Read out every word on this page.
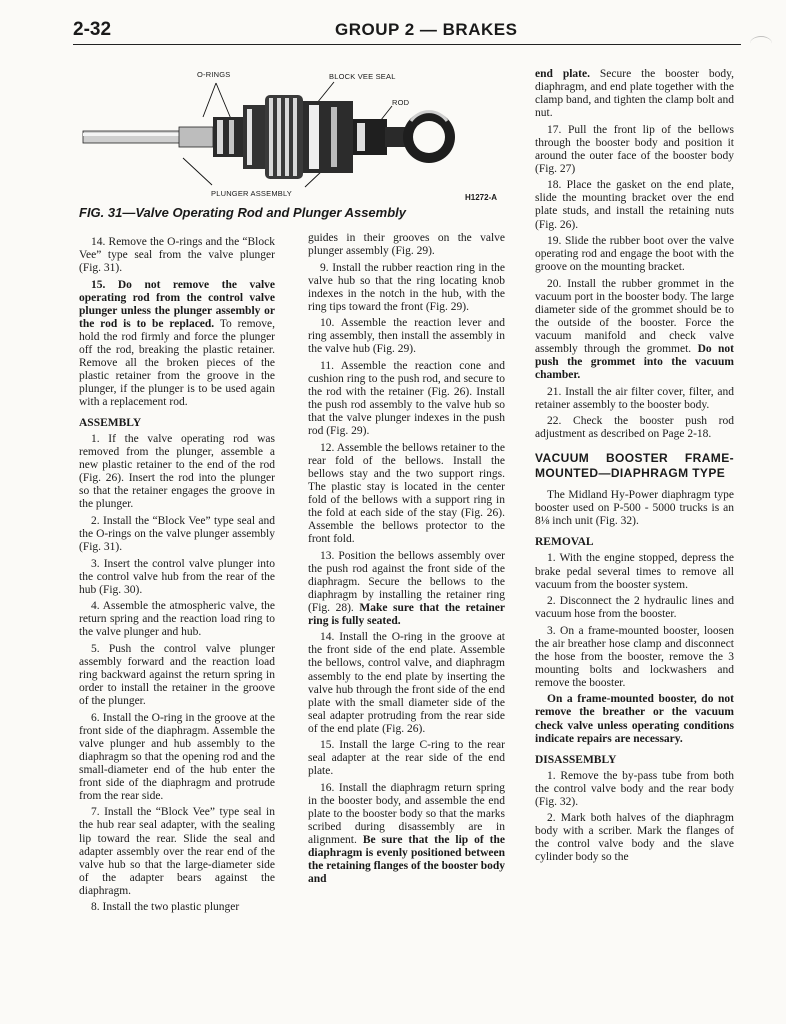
2-32	GROUP 2 — BRAKES
O-RINGS	BLOCK VEE SEAL
ROD
PLUNGER ASSEMBLY	H1272-A
FIG. 31—Valve Operating Rod and Plunger Assembly

14. Remove the O-rings and the “Block Vee” type seal from the valve plunger (Fig. 31).

15. Do not remove the valve operating rod from the control valve plunger unless the plunger assembly or the rod is to be replaced. To remove, hold the rod firmly and force the plunger off the rod, breaking the plastic retainer. Remove all the broken pieces of the plastic retainer from the groove in the plunger, if the plunger is to be used again with a replacement rod.

ASSEMBLY

1. If the valve operating rod was removed from the plunger, assemble a new plastic retainer to the end of the rod (Fig. 26). Insert the rod into the plunger so that the retainer engages the groove in the plunger.

2. Install the “Block Vee” type seal and the O-rings on the valve plunger assembly (Fig. 31).

3. Insert the control valve plunger into the control valve hub from the rear of the hub (Fig. 30).

4. Assemble the atmospheric valve, the return spring and the reaction load ring to the valve plunger and hub.

5. Push the control valve plunger assembly forward and the reaction load ring backward against the return spring in order to install the retainer in the groove of the plunger.

6. Install the O-ring in the groove at the front side of the diaphragm. Assemble the valve plunger and hub assembly to the diaphragm so that the opening rod and the small-diameter end of the hub enter the front side of the diaphragm and protrude from the rear side.

7. Install the “Block Vee” type seal in the hub rear seal adapter, with the sealing lip toward the rear. Slide the seal and adapter assembly over the rear end of the valve hub so that the large-diameter side of the adapter bears against the diaphragm.

8. Install the two plastic plunger

guides in their grooves on the valve plunger assembly (Fig. 29).

9. Install the rubber reaction ring in the valve hub so that the ring locating knob indexes in the notch in the hub, with the ring tips toward the front (Fig. 29).

10. Assemble the reaction lever and ring assembly, then install the assembly in the valve hub (Fig. 29).

11. Assemble the reaction cone and cushion ring to the push rod, and secure to the rod with the retainer (Fig. 26). Install the push rod assembly to the valve hub so that the valve plunger indexes in the push rod (Fig. 29).

12. Assemble the bellows retainer to the rear fold of the bellows. Install the bellows stay and the two support rings. The plastic stay is located in the center fold of the bellows with a support ring in the fold at each side of the stay (Fig. 26). Assemble the bellows protector to the front fold.

13. Position the bellows assembly over the push rod against the front side of the diaphragm. Secure the bellows to the diaphragm by installing the retainer ring (Fig. 28). Make sure that the retainer ring is fully seated.

14. Install the O-ring in the groove at the front side of the end plate. Assemble the bellows, control valve, and diaphragm assembly to the end plate by inserting the valve hub through the front side of the end plate with the small diameter side of the seal adapter protruding from the rear side of the end plate (Fig. 26).

15. Install the large C-ring to the rear seal adapter at the rear side of the end plate.

16. Install the diaphragm return spring in the booster body, and assemble the end plate to the booster body so that the marks scribed during disassembly are in alignment. Be sure that the lip of the diaphragm is evenly positioned between the retaining flanges of the booster body and

end plate. Secure the booster body, diaphragm, and end plate together with the clamp band, and tighten the clamp bolt and nut.

17. Pull the front lip of the bellows through the booster body and position it around the outer face of the booster body (Fig. 27)

18. Place the gasket on the end plate, slide the mounting bracket over the end plate studs, and install the retaining nuts (Fig. 26).

19. Slide the rubber boot over the valve operating rod and engage the boot with the groove on the mounting bracket.

20. Install the rubber grommet in the vacuum port in the booster body. The large diameter side of the grommet should be to the outside of the booster. Force the vacuum manifold and check valve assembly through the grommet. Do not push the grommet into the vacuum chamber.

21. Install the air filter cover, filter, and retainer assembly to the booster body.

22. Check the booster push rod adjustment as described on Page 2-18.

VACUUM BOOSTER FRAME-MOUNTED—DIAPHRAGM TYPE

The Midland Hy-Power diaphragm type booster used on P-500 - 5000 trucks is an 8⅛ inch unit (Fig. 32).

REMOVAL

1. With the engine stopped, depress the brake pedal several times to remove all vacuum from the booster system.

2. Disconnect the 2 hydraulic lines and vacuum hose from the booster.

3. On a frame-mounted booster, loosen the air breather hose clamp and disconnect the hose from the booster, remove the 3 mounting bolts and lockwashers and remove the booster.

On a frame-mounted booster, do not remove the breather or the vacuum check valve unless operating conditions indicate repairs are necessary.

DISASSEMBLY

1. Remove the by-pass tube from both the control valve body and the rear body (Fig. 32).

2. Mark both halves of the diaphragm body with a scriber. Mark the flanges of the control valve body and the slave cylinder body so the
